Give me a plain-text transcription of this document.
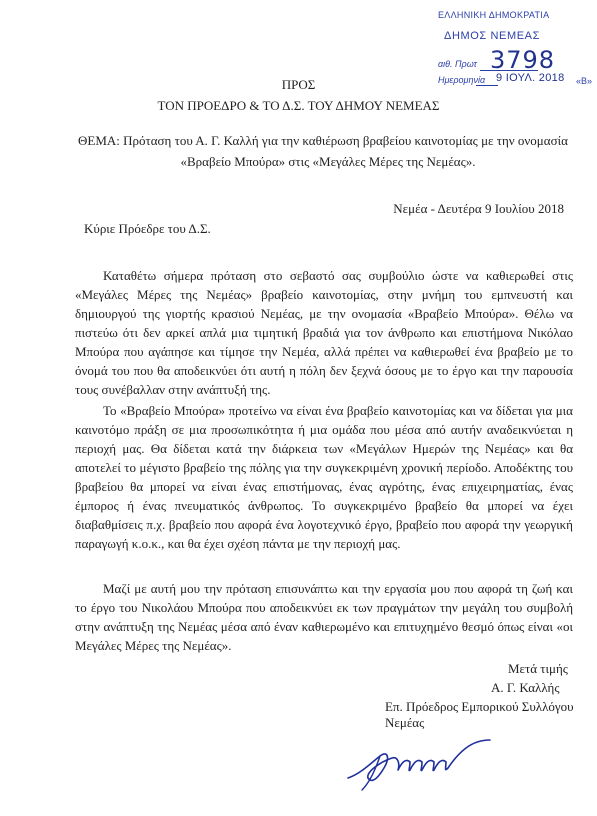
ΕΛΛΗΝΙΚΗ ΔΗΜΟΚΡΑΤΙΑ
ΔΗΜΟΣ ΝΕΜΕΑΣ
αιθ. Πρωτ 3798
Ημερομηνία 9 ΙΟΥΛ. 2018 «Β»
ΠΡΟΣ
ΤΟΝ ΠΡΟΕΔΡΟ & ΤΟ Δ.Σ. ΤΟΥ ΔΗΜΟΥ ΝΕΜΕΑΣ
ΘΕΜΑ: Πρόταση του Α. Γ. Καλλή για την καθιέρωση βραβείου καινοτομίας με την ονομασία
«Βραβείο Μπούρα» στις «Μεγάλες Μέρες της Νεμέας».
Νεμέα - Δευτέρα 9 Ιουλίου 2018
Κύριε Πρόεδρε του Δ.Σ.

Καταθέτω σήμερα πρόταση στο σεβαστό σας συμβούλιο ώστε να καθιερωθεί στις «Μεγάλες Μέρες της Νεμέας» βραβείο καινοτομίας, στην μνήμη του εμπνευστή και δημιουργού της γιορτής κρασιού Νεμέας, με την ονομασία «Βραβείο Μπούρα». Θέλω να πιστεύω ότι δεν αρκεί απλά μια τιμητική βραδιά για τον άνθρωπο και επιστήμονα Νικόλαο Μπούρα που αγάπησε και τίμησε την Νεμέα, αλλά πρέπει να καθιερωθεί ένα βραβείο με το όνομά του που θα αποδεικνύει ότι αυτή η πόλη δεν ξεχνά όσους με το έργο και την παρουσία τους συνέβαλλαν στην ανάπτυξή της.

Το «Βραβείο Μπούρα» προτείνω να είναι ένα βραβείο καινοτομίας και να δίδεται για μια καινοτόμο πράξη σε μια προσωπικότητα ή μια ομάδα που μέσα από αυτήν αναδεικνύεται η περιοχή μας. Θα δίδεται κατά την διάρκεια των «Μεγάλων Ημερών της Νεμέας» και θα αποτελεί το μέγιστο βραβείο της πόλης για την συγκεκριμένη χρονική περίοδο. Αποδέκτης του βραβείου θα μπορεί να είναι ένας επιστήμονας, ένας αγρότης, ένας επιχειρηματίας, ένας έμπορος ή ένας πνευματικός άνθρωπος. Το συγκεκριμένο βραβείο θα μπορεί να έχει διαβαθμίσεις π.χ. βραβείο που αφορά ένα λογοτεχνικό έργο, βραβείο που αφορά την γεωργική παραγωγή κ.ο.κ., και θα έχει σχέση πάντα με την περιοχή μας.

Μαζί με αυτή μου την πρόταση επισυνάπτω και την εργασία μου που αφορά τη ζωή και το έργο του Νικολάου Μπούρα που αποδεικνύει εκ των πραγμάτων την μεγάλη του συμβολή στην ανάπτυξη της Νεμέας μέσα από έναν καθιερωμένο και επιτυχημένο θεσμό όπως είναι «οι Μεγάλες Μέρες της Νεμέας».

Μετά τιμής
Α. Γ. Καλλής
Επ. Πρόεδρος Εμπορικού Συλλόγου Νεμέας
